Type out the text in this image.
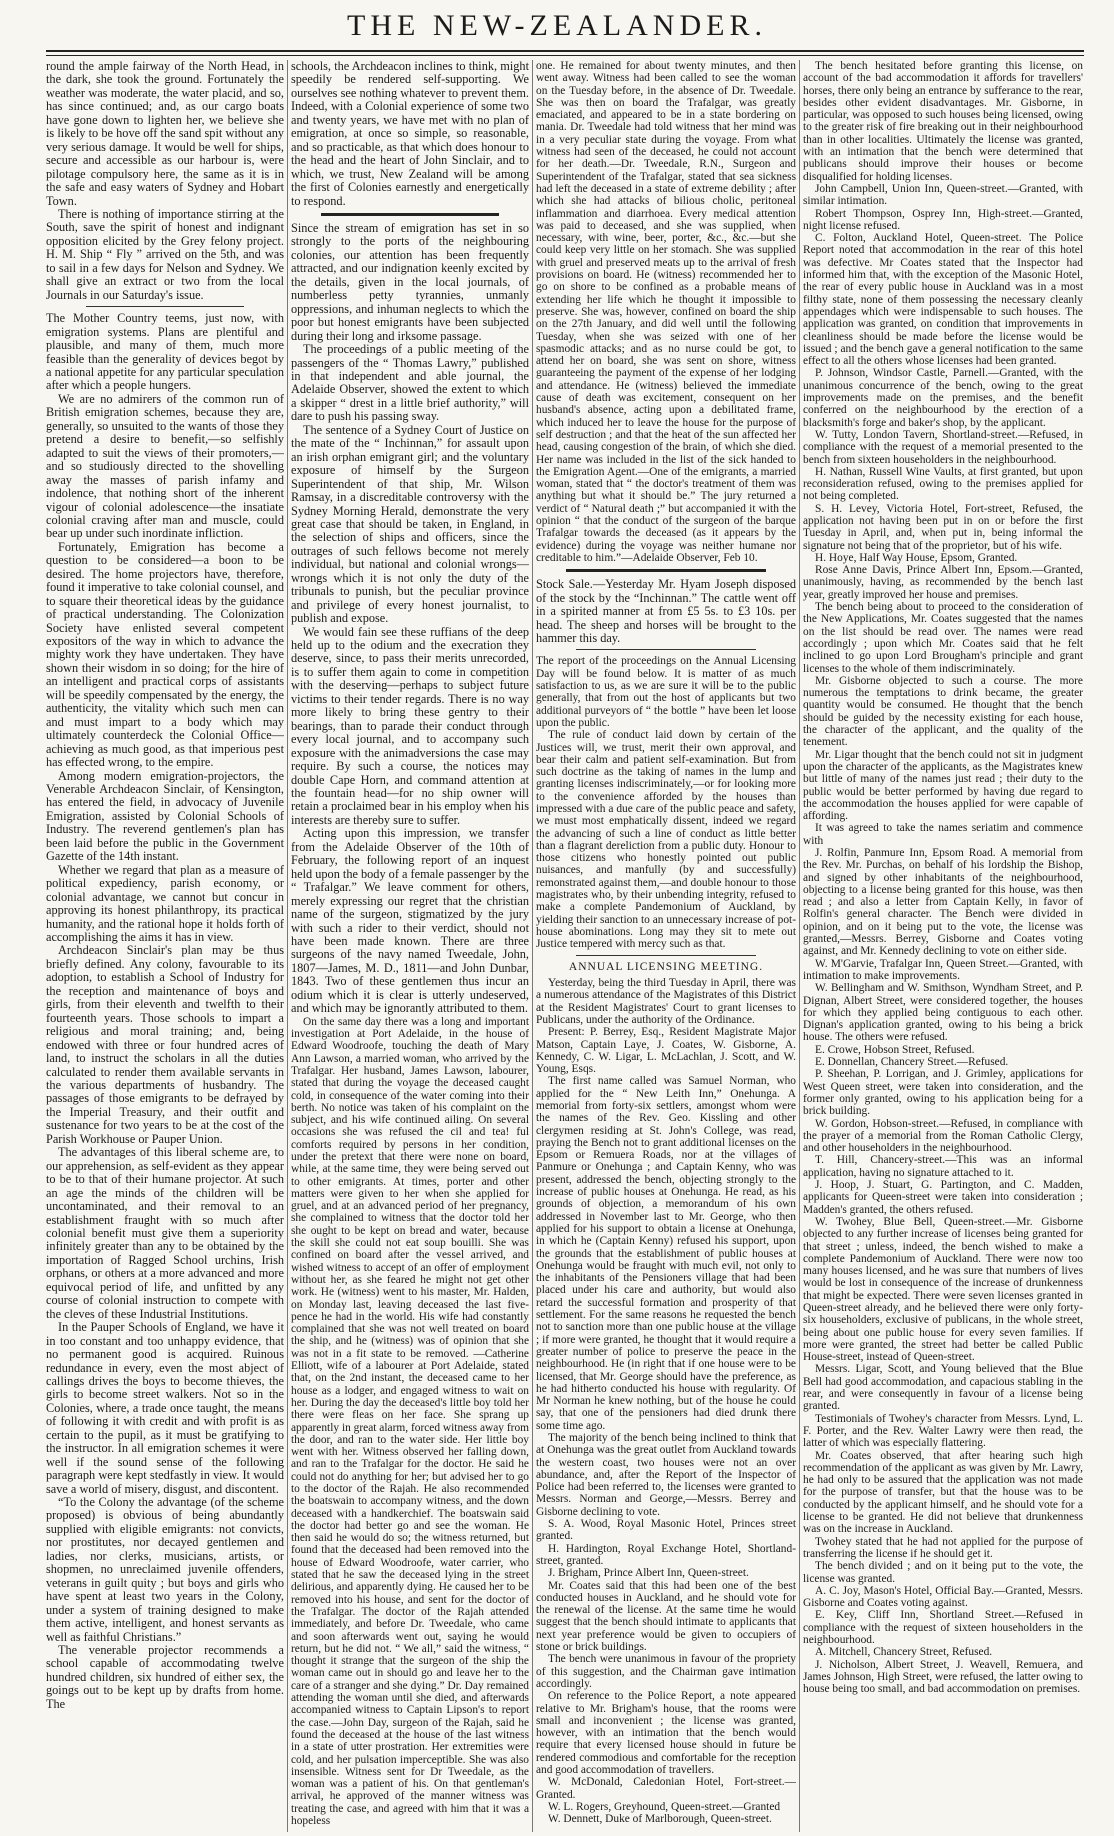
THE NEW-ZEALANDER.

round the ample fairway of the North Head, in the dark, she took the ground. Fortunately the weather was moderate, the water placid, and so, has since continued; and, as our cargo boats have gone down to lighten her, we believe she is likely to be hove off the sand spit without any very serious damage. It would be well for ships, secure and accessible as our harbour is, were pilotage compulsory here, the same as it is in the safe and easy waters of Sydney and Hobart Town.

There is nothing of importance stirring at the South, save the spirit of honest and indignant opposition elicited by the Grey felony project. H. M. Ship “ Fly ” arrived on the 5th, and was to sail in a few days for Nelson and Sydney. We shall give an extract or two from the local Journals in our Saturday's issue.

The Mother Country teems, just now, with emigration systems. Plans are plentiful and plausible, and many of them, much more feasible than the generality of devices begot by a national appetite for any particular speculation after which a people hungers.

We are no admirers of the common run of British emigration schemes, because they are, generally, so unsuited to the wants of those they pretend a desire to benefit,—so selfishly adapted to suit the views of their promoters,—and so studiously directed to the shovelling away the masses of parish infamy and indolence, that nothing short of the inherent vigour of colonial adolescence—the insatiate colonial craving after man and muscle, could bear up under such inordinate infliction.

Fortunately, Emigration has become a question to be considered—a boon to be desired. The home projectors have, therefore, found it imperative to take colonial counsel, and to square their theoretical ideas by the guidance of practical understanding. The Colonization Society have enlisted several competent expositors of the way in which to advance the mighty work they have undertaken. They have shown their wisdom in so doing; for the hire of an intelligent and practical corps of assistants will be speedily compensated by the energy, the authenticity, the vitality which such men can and must impart to a body which may ultimately counterdeck the Colonial Office—achieving as much good, as that imperious pest has effected wrong, to the empire.

Among modern emigration-projectors, the Venerable Archdeacon Sinclair, of Kensington, has entered the field, in advocacy of Juvenile Emigration, assisted by Colonial Schools of Industry. The reverend gentlemen's plan has been laid before the public in the Government Gazette of the 14th instant.

Whether we regard that plan as a measure of political expediency, parish economy, or colonial advantage, we cannot but concur in approving its honest philanthropy, its practical humanity, and the rational hope it holds forth of accomplishing the aims it has in view.

Archdeacon Sinclair's plan may be thus briefly defined. Any colony, favourable to its adoption, to establish a School of Industry for the reception and maintenance of boys and girls, from their eleventh and twelfth to their fourteenth years. Those schools to impart a religious and moral training; and, being endowed with three or four hundred acres of land, to instruct the scholars in all the duties calculated to render them available servants in the various departments of husbandry. The passages of those emigrants to be defrayed by the Imperial Treasury, and their outfit and sustenance for two years to be at the cost of the Parish Workhouse or Pauper Union.

The advantages of this liberal scheme are, to our apprehension, as self-evident as they appear to be to that of their humane projector. At such an age the minds of the children will be uncontaminated, and their removal to an establishment fraught with so much after colonial benefit must give them a superiority infinitely greater than any to be obtained by the importation of Ragged School urchins, Irish orphans, or others at a more advanced and more equivocal period of life, and unfitted by any course of colonial instruction to compete with the cleves of these Industrial Institutions.

In the Pauper Schools of England, we have it in too constant and too unhappy evidence, that no permanent good is acquired. Ruinous redundance in every, even the most abject of callings drives the boys to become thieves, the girls to become street walkers. Not so in the Colonies, where, a trade once taught, the means of following it with credit and with profit is as certain to the pupil, as it must be gratifying to the instructor. In all emigration schemes it were well if the sound sense of the following paragraph were kept stedfastly in view. It would save a world of misery, disgust, and discontent.

“To the Colony the advantage (of the scheme proposed) is obvious of being abundantly supplied with eligible emigrants: not convicts, nor prostitutes, nor decayed gentlemen and ladies, nor clerks, musicians, artists, or shopmen, no unreclaimed juvenile offenders, veterans in guilt quity ; but boys and girls who have spent at least two years in the Colony, under a system of training designed to make them active, intelligent, and honest servants as well as faithful Christians.”

The venerable projector recommends a school capable of accommodating twelve hundred children, six hundred of either sex, the goings out to be kept up by drafts from home. The

schools, the Archdeacon inclines to think, might speedily be rendered self-supporting. We ourselves see nothing whatever to prevent them. Indeed, with a Colonial experience of some two and twenty years, we have met with no plan of emigration, at once so simple, so reasonable, and so practicable, as that which does honour to the head and the heart of John Sinclair, and to which, we trust, New Zealand will be among the first of Colonies earnestly and energetically to respond.

Since the stream of emigration has set in so strongly to the ports of the neighbouring colonies, our attention has been frequently attracted, and our indignation keenly excited by the details, given in the local journals, of numberless petty tyrannies, unmanly oppressions, and inhuman neglects to which the poor but honest emigrants have been subjected during their long and irksome passage.

The proceedings of a public meeting of the passengers of the “ Thomas Lawry,” published in that independent and able journal, the Adelaide Observer, showed the extent to which a skipper “ drest in a little brief authority,” will dare to push his passing sway.

The sentence of a Sydney Court of Justice on the mate of the “ Inchinnan,” for assault upon an irish orphan emigrant girl; and the voluntary exposure of himself by the Surgeon Superintendent of that ship, Mr. Wilson Ramsay, in a discreditable controversy with the Sydney Morning Herald, demonstrate the very great case that should be taken, in England, in the selection of ships and officers, since the outrages of such fellows become not merely individual, but national and colonial wrongs—wrongs which it is not only the duty of the tribunals to punish, but the peculiar province and privilege of every honest journalist, to publish and expose.

We would fain see these ruffians of the deep held up to the odium and the execration they deserve, since, to pass their merits unrecorded, is to suffer them again to come in competition with the deserving—perhaps to subject future victims to their tender regards. There is no way more likely to bring these gentry to their bearings, than to parade their conduct through every local journal, and to accompany such exposure with the animadversions the case may require. By such a course, the notices may double Cape Horn, and command attention at the fountain head—for no ship owner will retain a proclaimed bear in his employ when his interests are thereby sure to suffer.

Acting upon this impression, we transfer from the Adelaide Observer of the 10th of February, the following report of an inquest held upon the body of a female passenger by the “ Trafalgar.” We leave comment for others, merely expressing our regret that the christian name of the surgeon, stigmatized by the jury with such a rider to their verdict, should not have been made known. There are three surgeons of the navy named Tweedale, John, 1807—James, M. D., 1811—and John Dunbar, 1843. Two of these gentlemen thus incur an odium which it is clear is utterly undeserved, and which may be ignorantly attributed to them.

On the same day there was a long and important investigation at Port Adelaide, in the house of Edward Woodroofe, touching the death of Mary Ann Lawson, a married woman, who arrived by the Trafalgar. Her husband, James Lawson, labourer, stated that during the voyage the deceased caught cold, in consequence of the water coming into their berth. No notice was taken of his complaint on the subject, and his wife continued ailing. On several occasions she was refused the cil and tea! ful comforts required by persons in her condition, under the pretext that there were none on board, while, at the same time, they were being served out to other emigrants. At times, porter and other matters were given to her when she applied for gruel, and at an advanced period of her pregnancy, she complained to witness that the doctor told her she ought to be kept on bread and water, because the skill she could not eat soup bouilli. She was confined on board after the vessel arrived, and wished witness to accept of an offer of employment without her, as she feared he might not get other work. He (witness) went to his master, Mr. Halden, on Monday last, leaving deceased the last five-pence he had in the world. His wife had constantly complained that she was not well treated on board the ship, and he (witness) was of opinion that she was not in a fit state to be removed. —Catherine Elliott, wife of a labourer at Port Adelaide, stated that, on the 2nd instant, the deceased came to her house as a lodger, and engaged witness to wait on her. During the day the deceased's little boy told her there were fleas on her face. She sprang up apparently in great alarm, forced witness away from the door, and ran to the water side. Her little boy went with her. Witness observed her falling down, and ran to the Trafalgar for the doctor. He said he could not do anything for her; but advised her to go to the doctor of the Rajah. He also recommended the boatswain to accompany witness, and the down deceased with a handkerchief. The boatswain said the doctor had better go and see the woman. He then said he would do so; the witness returned, but found that the deceased had been removed into the house of Edward Woodroofe, water carrier, who stated that he saw the deceased lying in the street delirious, and apparently dying. He caused her to be removed into his house, and sent for the doctor of the Trafalgar. The doctor of the Rajah attended immediately, and before Dr. Tweedale, who came and soon afterwards went out, saying he would return, but he did not. “ We all,” said the witness, “ thought it strange that the surgeon of the ship the woman came out in should go and leave her to the care of a stranger and she dying.” Dr. Day remained attending the woman until she died, and afterwards accompanied witness to Captain Lipson's to report the case.—John Day, surgeon of the Rajah, said he found the deceased at the house of the last witness in a state of utter prostration. Her extremities were cold, and her pulsation imperceptible. She was also insensible. Witness sent for Dr Tweedale, as the woman was a patient of his. On that gentleman's arrival, he approved of the manner witness was treating the case, and agreed with him that it was a hopeless

one. He remained for about twenty minutes, and then went away. Witness had been called to see the woman on the Tuesday before, in the absence of Dr. Tweedale. She was then on board the Trafalgar, was greatly emaciated, and appeared to be in a state bordering on mania. Dr. Tweedale had told witness that her mind was in a very peculiar state during the voyage. From what witness had seen of the deceased, he could not account for her death.—Dr. Tweedale, R.N., Surgeon and Superintendent of the Trafalgar, stated that sea sickness had left the deceased in a state of extreme debility ; after which she had attacks of bilious cholic, peritoneal inflammation and diarrhoea. Every medical attention was paid to deceased, and she was supplied, when necessary, with wine, beer, porter, &c., &c.—but she could keep very little on her stomach. She was supplied with gruel and preserved meats up to the arrival of fresh provisions on board. He (witness) recommended her to go on shore to be confined as a probable means of extending her life which he thought it impossible to preserve. She was, however, confined on board the ship on the 27th January, and did well until the following Tuesday, when she was seized with one of her spasmodic attacks; and as no nurse could be got, to attend her on board, she was sent on shore, witness guaranteeing the payment of the expense of her lodging and attendance. He (witness) believed the immediate cause of death was excitement, consequent on her husband's absence, acting upon a debilitated frame, which induced her to leave the house for the purpose of self destruction ; and that the heat of the sun affected her head, causing congestion of the brain, of which she died. Her name was included in the list of the sick handed to the Emigration Agent.—One of the emigrants, a married woman, stated that “ the doctor's treatment of them was anything but what it should be.” The jury returned a verdict of “ Natural death ;” but accompanied it with the opinion “ that the conduct of the surgeon of the barque Trafalgar towards the deceased (as it appears by the evidence) during the voyage was neither humane nor creditable to him.”—Adelaide Observer, Feb 10.

Stock Sale.—Yesterday Mr. Hyam Joseph disposed of the stock by the “Inchinnan.” The cattle went off in a spirited manner at from £5 5s. to £3 10s. per head. The sheep and horses will be brought to the hammer this day.

The report of the proceedings on the Annual Licensing Day will be found below. It is matter of as much satisfaction to us, as we are sure it will be to the public generally, that from out the host of applicants but two additional purveyors of “ the bottle ” have been let loose upon the public.

The rule of conduct laid down by certain of the Justices will, we trust, merit their own approval, and bear their calm and patient self-examination. But from such doctrine as the taking of names in the lump and granting licenses indiscriminately,—or for looking more to the convenience afforded by the houses than impressed with a due care of the public peace and safety, we must most emphatically dissent, indeed we regard the advancing of such a line of conduct as little better than a flagrant dereliction from a public duty. Honour to those citizens who honestly pointed out public nuisances, and manfully (by and successfully) remonstrated against them,—and double honour to those magistrates who, by their unbending integrity, refused to make a complete Pandemonium of Auckland, by yielding their sanction to an unnecessary increase of pot-house abominations. Long may they sit to mete out Justice tempered with mercy such as that.

ANNUAL LICENSING MEETING.

Yesterday, being the third Tuesday in April, there was a numerous attendance of the Magistrates of this District at the Resident Magistrates' Court to grant licenses to Publicans, under the authority of the Ordinance.

Present: P. Berrey, Esq., Resident Magistrate Major Matson, Captain Laye, J. Coates, W. Gisborne, A. Kennedy, C. W. Ligar, L. McLachlan, J. Scott, and W. Young, Esqs.

The first name called was Samuel Norman, who applied for the “ New Leith Inn,” Onehunga. A memorial from forty-six settlers, amongst whom were the names of the Rev. Geo. Kissling and other clergymen residing at St. John's College, was read, praying the Bench not to grant additional licenses on the Epsom or Remuera Roads, nor at the villages of Panmure or Onehunga ; and Captain Kenny, who was present, addressed the bench, objecting strongly to the increase of public houses at Onehunga. He read, as his grounds of objection, a memorandum of his own addressed in November last to Mr. George, who then applied for his support to obtain a license at Onehunga, in which he (Captain Kenny) refused his support, upon the grounds that the establishment of public houses at Onehunga would be fraught with much evil, not only to the inhabitants of the Pensioners village that had been placed under his care and authority, but would also retard the successful formation and prosperity of that settlement. For the same reasons he requested the bench not to sanction more than one public house at the village ; if more were granted, he thought that it would require a greater number of police to preserve the peace in the neighbourhood. He (in right that if one house were to be licensed, that Mr. George should have the preference, as he had hitherto conducted his house with regularity. Of Mr Norman he knew nothing, but of the house he could say, that one of the pensioners had died drunk there some time ago.

The majority of the bench being inclined to think that at Onehunga was the great outlet from Auckland towards the western coast, two houses were not an over abundance, and, after the Report of the Inspector of Police had been referred to, the licenses were granted to Messrs. Norman and George,—Messrs. Berrey and Gisborne declining to vote.

S. A. Wood, Royal Masonic Hotel, Princes street granted.

H. Hardington, Royal Exchange Hotel, Shortland-street, granted.

J. Brigham, Prince Albert Inn, Queen-street.

Mr. Coates said that this had been one of the best conducted houses in Auckland, and he should vote for the renewal of the license. At the same time he would suggest that the bench should intimate to applicants that next year preference would be given to occupiers of stone or brick buildings.

The bench were unanimous in favour of the propriety of this suggestion, and the Chairman gave intimation accordingly.

On reference to the Police Report, a note appeared relative to Mr. Brigham's house, that the rooms were small and inconvenient ; the license was granted, however, with an intimation that the bench would require that every licensed house should in future be rendered commodious and comfortable for the reception and good accommodation of travellers.

W. McDonald, Caledonian Hotel, Fort-street.—Granted.

W. L. Rogers, Greyhound, Queen-street.—Granted

W. Dennett, Duke of Marlborough, Queen-street.

The bench hesitated before granting this license, on account of the bad accommodation it affords for travellers' horses, there only being an entrance by sufferance to the rear, besides other evident disadvantages. Mr. Gisborne, in particular, was opposed to such houses being licensed, owing to the greater risk of fire breaking out in their neighbourhood than in other localities. Ultimately the license was granted, with an intimation that the bench were determined that publicans should improve their houses or become disqualified for holding licenses.

John Campbell, Union Inn, Queen-street.—Granted, with similar intimation.

Robert Thompson, Osprey Inn, High-street.—Granted, night license refused.

C. Folton, Auckland Hotel, Queen-street. The Police Report noted that accommodation in the rear of this hotel was defective. Mr Coates stated that the Inspector had informed him that, with the exception of the Masonic Hotel, the rear of every public house in Auckland was in a most filthy state, none of them possessing the necessary cleanly appendages which were indispensable to such houses. The application was granted, on condition that improvements in cleanliness should be made before the license would be issued ; and the bench gave a general notification to the same effect to all the others whose licenses had been granted.

P. Johnson, Windsor Castle, Parnell.—Granted, with the unanimous concurrence of the bench, owing to the great improvements made on the premises, and the benefit conferred on the neighbourhood by the erection of a blacksmith's forge and baker's shop, by the applicant.

W. Tutty, London Tavern, Shortland-street.—Refused, in compliance with the request of a memorial presented to the bench from sixteen householders in the neighbourhood.

H. Nathan, Russell Wine Vaults, at first granted, but upon reconsideration refused, owing to the premises applied for not being completed.

S. H. Levey, Victoria Hotel, Fort-street, Refused, the application not having been put in on or before the first Tuesday in April, and, when put in, being informal the signature not being that of the proprietor, but of his wife.

H. Hoye, Half Way House, Epsom, Granted.

Rose Anne Davis, Prince Albert Inn, Epsom.—Granted, unanimously, having, as recommended by the bench last year, greatly improved her house and premises.

The bench being about to proceed to the consideration of the New Applications, Mr. Coates suggested that the names on the list should be read over. The names were read accordingly ; upon which Mr. Coates said that he felt inclined to go upon Lord Brougham's principle and grant licenses to the whole of them indiscriminately.

Mr. Gisborne objected to such a course. The more numerous the temptations to drink became, the greater quantity would be consumed. He thought that the bench should be guided by the necessity existing for each house, the character of the applicant, and the quality of the tenement.

Mr. Ligar thought that the bench could not sit in judgment upon the character of the applicants, as the Magistrates knew but little of many of the names just read ; their duty to the public would be better performed by having due regard to the accommodation the houses applied for were capable of affording.

It was agreed to take the names seriatim and commence with

J. Rolfin, Panmure Inn, Epsom Road. A memorial from the Rev. Mr. Purchas, on behalf of his lordship the Bishop, and signed by other inhabitants of the neighbourhood, objecting to a license being granted for this house, was then read ; and also a letter from Captain Kelly, in favor of Rolfin's general character. The Bench were divided in opinion, and on it being put to the vote, the license was granted,—Messrs. Berrey, Gisborne and Coates voting against, and Mr. Kennedy declining to vote on either side.

W. M'Garvie, Trafalgar Inn, Queen Street.—Granted, with intimation to make improvements.

W. Bellingham and W. Smithson, Wyndham Street, and P. Dignan, Albert Street, were considered together, the houses for which they applied being contiguous to each other. Dignan's application granted, owing to his being a brick house. The others were refused.

E. Crowe, Hobson Street, Refused.

E. Donnellan, Chancery Street.—Refused.

P. Sheehan, P. Lorrigan, and J. Grimley, applications for West Queen street, were taken into consideration, and the former only granted, owing to his application being for a brick building.

W. Gordon, Hobson-street.—Refused, in compliance with the prayer of a memorial from the Roman Catholic Clergy, and other householders in the neighbourhood.

T. Hill, Chancery-street.—This was an informal application, having no signature attached to it.

J. Hoop, J. Stuart, G. Partington, and C. Madden, applicants for Queen-street were taken into consideration ; Madden's granted, the others refused.

W. Twohey, Blue Bell, Queen-street.—Mr. Gisborne objected to any further increase of licenses being granted for that street ; unless, indeed, the bench wished to make a complete Pandemonium of Auckland. There were now too many houses licensed, and he was sure that numbers of lives would be lost in consequence of the increase of drunkenness that might be expected. There were seven licenses granted in Queen-street already, and he believed there were only forty-six householders, exclusive of publicans, in the whole street, being about one public house for every seven families. If more were granted, the street had better be called Public House-street, instead of Queen-street.

Messrs. Ligar, Scott, and Young believed that the Blue Bell had good accommodation, and capacious stabling in the rear, and were consequently in favour of a license being granted.

Testimonials of Twohey's character from Messrs. Lynd, L. F. Porter, and the Rev. Walter Lawry were then read, the latter of which was especially flattering.

Mr. Coates observed, that after hearing such high recommendation of the applicant as was given by Mr. Lawry, he had only to be assured that the application was not made for the purpose of transfer, but that the house was to be conducted by the applicant himself, and he should vote for a license to be granted. He did not believe that drunkenness was on the increase in Auckland.

Twohey stated that he had not applied for the purpose of transferring the license if he should get it.

The bench divided ; and on it being put to the vote, the license was granted.

A. C. Joy, Mason's Hotel, Official Bay.—Granted, Messrs. Gisborne and Coates voting against.

E. Key, Cliff Inn, Shortland Street.—Refused in compliance with the request of sixteen householders in the neighbourhood.

A. Mitchell, Chancery Street, Refused.

J. Nicholson, Albert Street, J. Weavell, Remuera, and James Johnson, High Street, were refused, the latter owing to house being too small, and bad accommodation on premises.
